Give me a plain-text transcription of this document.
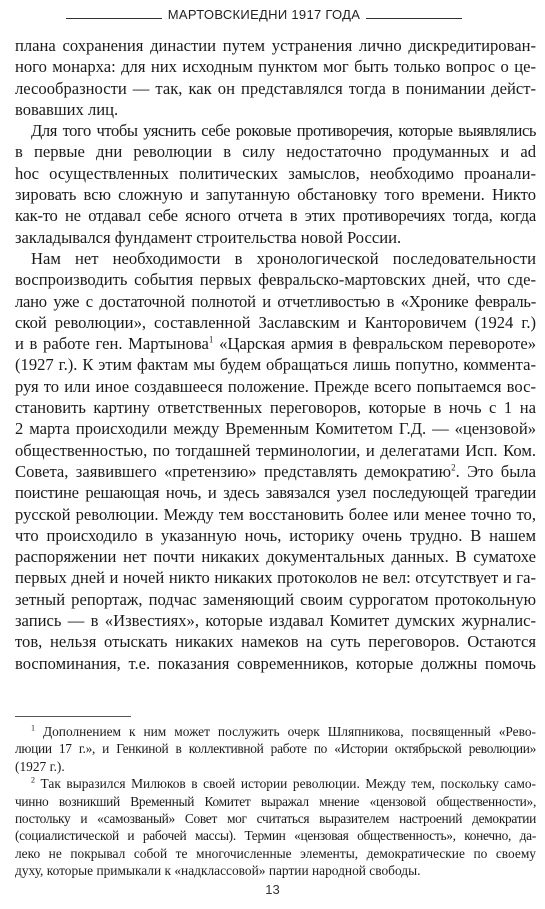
МАРТОВСКИЕДНИ 1917 ГОДА
плана сохранения династии путем устранения лично дискредитирован-
ного монарха: для них исходным пунктом мог быть только вопрос о це-
лесообразности — так, как он представлялся тогда в понимании дейст-
вовавших лиц.
Для того чтобы уяснить себе роковые противоречия, которые выявлялись
в первые дни революции в силу недостаточно продуманных и ad
hoc осуществленных политических замыслов, необходимо проанали-
зировать всю сложную и запутанную обстановку того времени. Никто
как-то не отдавал себе ясного отчета в этих противоречиях тогда, когда
закладывался фундамент строительства новой России.
Нам нет необходимости в хронологической последовательности
воспроизводить события первых февральско-мартовских дней, что сде-
лано уже с достаточной полнотой и отчетливостью в «Хронике февраль-
ской революции», составленной Заславским и Канторовичем (1924 г.)
и в работе ген. Мартынова$^1$ «Царская армия в февральском перевороте»
(1927 г.). К этим фактам мы будем обращаться лишь попутно, коммента-
руя то или иное создавшееся положение. Прежде всего попытаемся вос-
становить картину ответственных переговоров, которые в ночь с 1 на
2 марта происходили между Временным Комитетом Г.Д. — «цензовой»
общественностью, по тогдашней терминологии, и делегатами Исп. Ком.
Совета, заявившего «претензию» представлять демократию$^2$. Это была
поистине решающая ночь, и здесь завязался узел последующей трагедии
русской революции. Между тем восстановить более или менее точно то,
что происходило в указанную ночь, историку очень трудно. В нашем
распоряжении нет почти никаких документальных данных. В суматохе
первых дней и ночей никто никаких протоколов не вел: отсутствует и га-
зетный репортаж, подчас заменяющий своим суррогатом протокольную
запись — в «Известиях», которые издавал Комитет думских журналис-
тов, нельзя отыскать никаких намеков на суть переговоров. Остаются
воспоминания, т.е. показания современников, которые должны помочь
$^1$ Дополнением к ним может послужить очерк Шляпникова, посвященный «Рево-
люции 17 г.», и Генкиной в коллективной работе по «Истории октябрьской революции»
(1927 г.).
$^2$ Так выразился Милюков в своей истории революции. Между тем, поскольку само-
чинно возникший Временный Комитет выражал мнение «цензовой общественности»,
постольку и «самозваный» Совет мог считаться выразителем настроений демократии
(социалистической и рабочей массы). Термин «цензовая общественность», конечно, да-
леко не покрывал собой те многочисленные элементы, демократические по своему
духу, которые примыкали к «надклассовой» партии народной свободы.
13
